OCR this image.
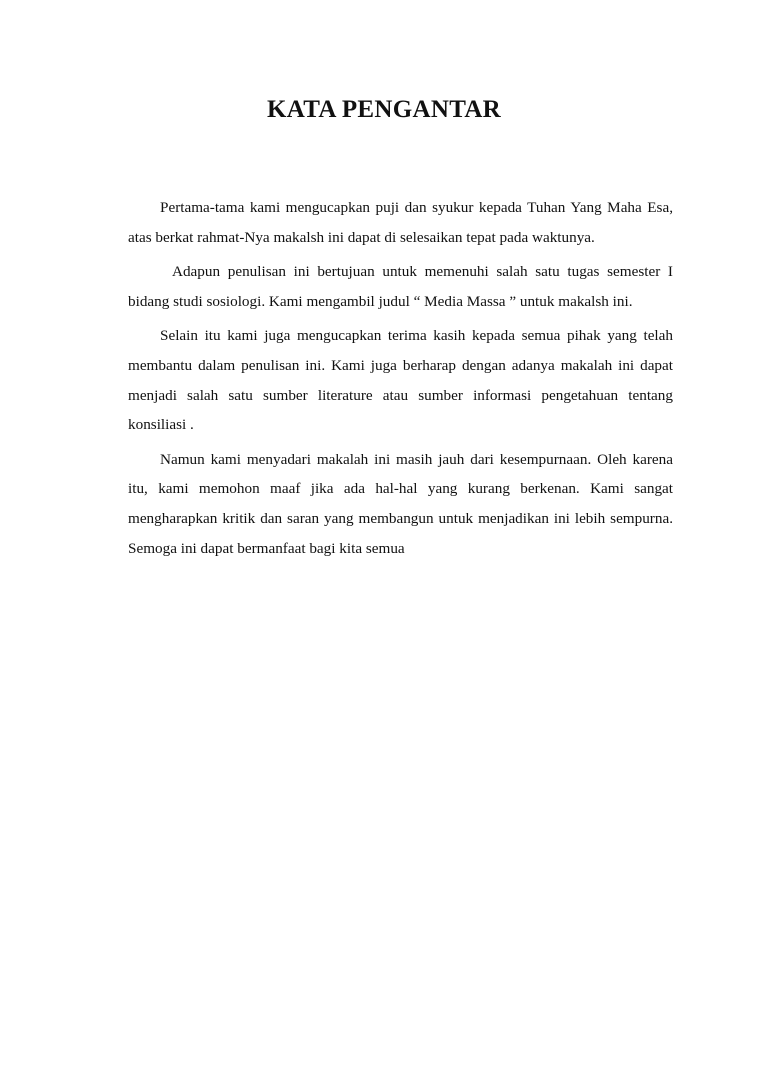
KATA PENGANTAR

Pertama-tama kami mengucapkan puji dan syukur kepada Tuhan Yang Maha Esa, atas berkat rahmat-Nya makalsh ini dapat di selesaikan tepat pada waktunya.

Adapun penulisan ini bertujuan untuk memenuhi salah satu tugas semester I bidang studi sosiologi. Kami mengambil judul “ Media Massa ” untuk makalsh ini.

Selain itu kami juga mengucapkan terima kasih kepada semua pihak yang telah membantu dalam penulisan ini. Kami juga berharap dengan adanya makalah ini dapat menjadi salah satu sumber literature atau sumber informasi pengetahuan tentang konsiliasi .

Namun kami menyadari makalah ini masih jauh dari kesempurnaan. Oleh karena itu, kami memohon maaf jika ada hal-hal yang kurang berkenan. Kami sangat mengharapkan kritik dan saran yang membangun untuk menjadikan ini lebih sempurna. Semoga ini dapat bermanfaat bagi kita semua
